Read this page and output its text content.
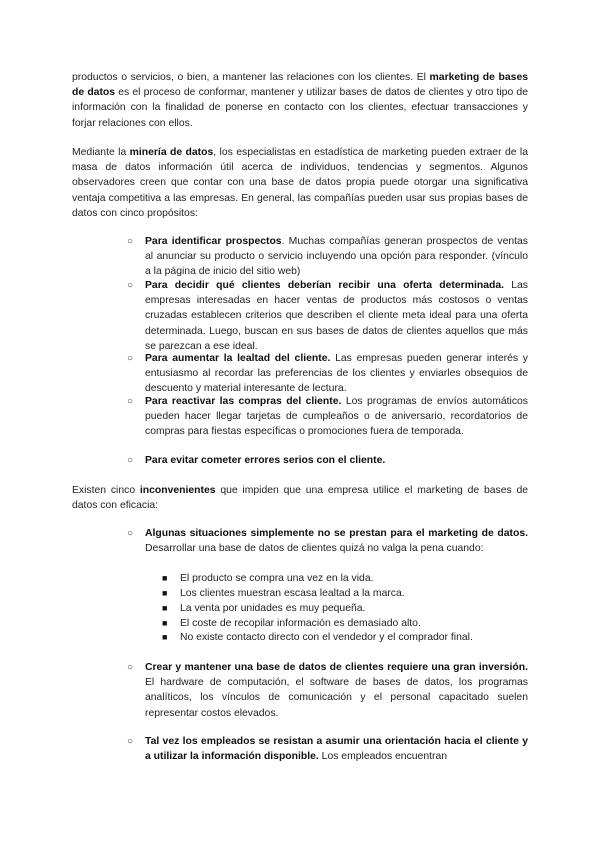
productos o servicios, o bien, a mantener las relaciones con los clientes. El marketing de bases de datos es el proceso de conformar, mantener y utilizar bases de datos de clientes y otro tipo de información con la finalidad de ponerse en contacto con los clientes, efectuar transacciones y forjar relaciones con ellos.

Mediante la minería de datos, los especialistas en estadística de marketing pueden extraer de la masa de datos información útil acerca de individuos, tendencias y segmentos. Algunos observadores creen que contar con una base de datos propia puede otorgar una significativa ventaja competitiva a las empresas. En general, las compañías pueden usar sus propias bases de datos con cinco propósitos:

○ Para identificar prospectos. Muchas compañías generan prospectos de ventas al anunciar su producto o servicio incluyendo una opción para responder. (vínculo a la página de inicio del sitio web)

○ Para decidir qué clientes deberían recibir una oferta determinada. Las empresas interesadas en hacer ventas de productos más costosos o ventas cruzadas establecen criterios que describen el cliente meta ideal para una oferta determinada. Luego, buscan en sus bases de datos de clientes aquellos que más se parezcan a ese ideal.

○ Para aumentar la lealtad del cliente. Las empresas pueden generar interés y entusiasmo al recordar las preferencias de los clientes y enviarles obsequios de descuento y material interesante de lectura.

○ Para reactivar las compras del cliente. Los programas de envíos automáticos pueden hacer llegar tarjetas de cumpleaños o de aniversario, recordatorios de compras para fiestas específicas o promociones fuera de temporada.

○ Para evitar cometer errores serios con el cliente.

Existen cinco inconvenientes que impiden que una empresa utilice el marketing de bases de datos con eficacia:

○ Algunas situaciones simplemente no se prestan para el marketing de datos. Desarrollar una base de datos de clientes quizá no valga la pena cuando:

■ El producto se compra una vez en la vida.

■ Los clientes muestran escasa lealtad a la marca.

■ La venta por unidades es muy pequeña.

■ El coste de recopilar información es demasiado alto.

■ No existe contacto directo con el vendedor y el comprador final.

○ Crear y mantener una base de datos de clientes requiere una gran inversión. El hardware de computación, el software de bases de datos, los programas analíticos, los vínculos de comunicación y el personal capacitado suelen representar costos elevados.

○ Tal vez los empleados se resistan a asumir una orientación hacia el cliente y a utilizar la información disponible. Los empleados encuentran
